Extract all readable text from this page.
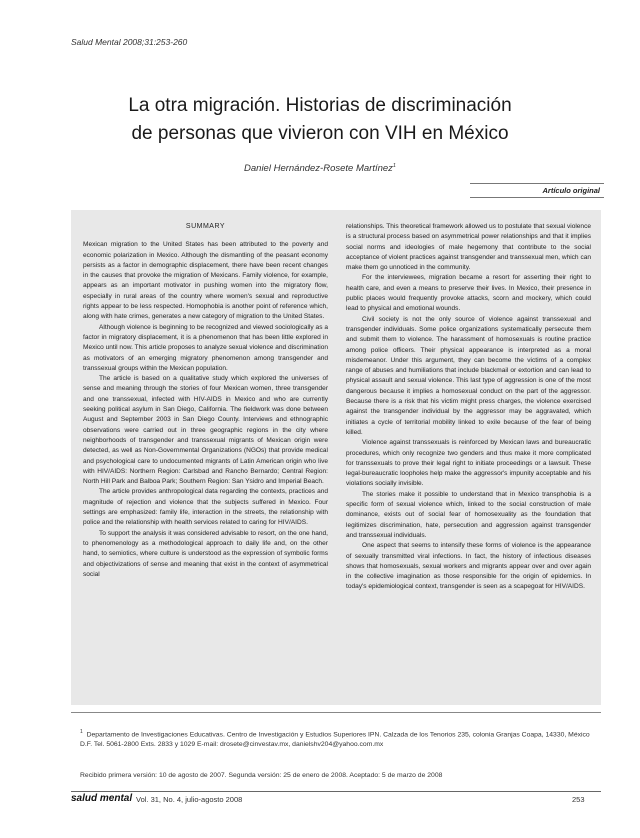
Salud Mental 2008;31:253-260
La otra migración. Historias de discriminación
de personas que vivieron con VIH en México
Daniel Hernández-Rosete Martínez$^1$
Artículo original
SUMMARY

Mexican migration to the United States has been attributed to the poverty and economic polarization in Mexico. Although the dismantling of the peasant economy persists as a factor in demographic displacement, there have been recent changes in the causes that provoke the migration of Mexicans. Family violence, for example, appears as an important motivator in pushing women into the migratory flow, especially in rural areas of the country where women's sexual and reproductive rights appear to be less respected. Homophobia is another point of reference which, along with hate crimes, generates a new category of migration to the United States.

Although violence is beginning to be recognized and viewed sociologically as a factor in migratory displacement, it is a phenomenon that has been little explored in Mexico until now. This article proposes to analyze sexual violence and discrimination as motivators of an emerging migratory phenomenon among transgender and transsexual groups within the Mexican population.

The article is based on a qualitative study which explored the universes of sense and meaning through the stories of four Mexican women, three transgender and one transsexual, infected with HIV-AIDS in Mexico and who are currently seeking political asylum in San Diego, California. The fieldwork was done between August and September 2003 in San Diego County. Interviews and ethnographic observations were carried out in three geographic regions in the city where neighborhoods of transgender and transsexual migrants of Mexican origin were detected, as well as Non-Governmental Organizations (NGOs) that provide medical and psychological care to undocumented migrants of Latin American origin who live with HIV/AIDS: Northern Region: Carlsbad and Rancho Bernardo; Central Region: North Hill Park and Balboa Park; Southern Region: San Ysidro and Imperial Beach.

The article provides anthropological data regarding the contexts, practices and magnitude of rejection and violence that the subjects suffered in Mexico. Four settings are emphasized: family life, interaction in the streets, the relationship with police and the relationship with health services related to caring for HIV/AIDS.

To support the analysis it was considered advisable to resort, on the one hand, to phenomenology as a methodological approach to daily life and, on the other hand, to semiotics, where culture is understood as the expression of symbolic forms and objectivizations of sense and meaning that exist in the context of asymmetrical social

relationships. This theoretical framework allowed us to postulate that sexual violence is a structural process based on asymmetrical power relationships and that it implies social norms and ideologies of male hegemony that contribute to the social acceptance of violent practices against transgender and transsexual men, which can make them go unnoticed in the community.

For the interviewees, migration became a resort for asserting their right to health care, and even a means to preserve their lives. In Mexico, their presence in public places would frequently provoke attacks, scorn and mockery, which could lead to physical and emotional wounds.

Civil society is not the only source of violence against transsexual and transgender individuals. Some police organizations systematically persecute them and submit them to violence. The harassment of homosexuals is routine practice among police officers. Their physical appearance is interpreted as a moral misdemeanor. Under this argument, they can become the victims of a complex range of abuses and humiliations that include blackmail or extortion and can lead to physical assault and sexual violence. This last type of aggression is one of the most dangerous because it implies a homosexual conduct on the part of the aggressor. Because there is a risk that his victim might press charges, the violence exercised against the transgender individual by the aggressor may be aggravated, which initiates a cycle of territorial mobility linked to exile because of the fear of being killed.

Violence against transsexuals is reinforced by Mexican laws and bureaucratic procedures, which only recognize two genders and thus make it more complicated for transsexuals to prove their legal right to initiate proceedings or a lawsuit. These legal-bureaucratic loopholes help make the aggressor's impunity acceptable and his violations socially invisible.

The stories make it possible to understand that in Mexico transphobia is a specific form of sexual violence which, linked to the social construction of male dominance, exists out of social fear of homosexuality as the foundation that legitimizes discrimination, hate, persecution and aggression against transgender and transsexual individuals.

One aspect that seems to intensify these forms of violence is the appearance of sexually transmitted viral infections. In fact, the history of infectious diseases shows that homosexuals, sexual workers and migrants appear over and over again in the collective imagination as those responsible for the origin of epidemics. In today's epidemiological context, transgender is seen as a scapegoat for HIV/AIDS.

$^1$ Departamento de Investigaciones Educativas. Centro de Investigación y Estudios Superiores IPN. Calzada de los Tenorios 235, colonia Granjas Coapa, 14330, México D.F. Tel. 5061-2800 Exts. 2833 y 1029 E-mail: drosete@cinvestav.mx, danielshv204@yahoo.com.mx
Recibido primera versión: 10 de agosto de 2007. Segunda versión: 25 de enero de 2008. Aceptado: 5 de marzo de 2008
salud mental Vol. 31, No. 4, julio-agosto 2008	253
